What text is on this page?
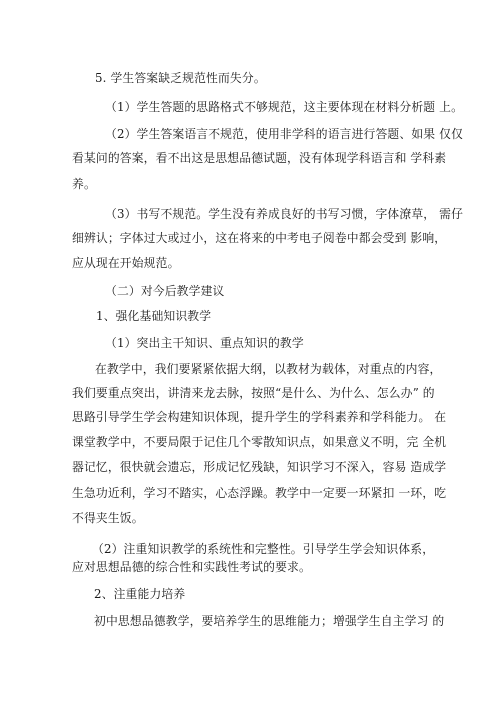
5. 学生答案缺乏规范性而失分。
（1）学生答题的思路格式不够规范，这主要体现在材料分析题 上。
（2）学生答案语言不规范，使用非学科的语言进行答题、如果 仅仅
看某问的答案，看不出这是思想品德试题，没有体现学科语言和 学科素
养。
（3）书写不规范。学生没有养成良好的书写习惯，字体潦草， 需仔
细辨认；字体过大或过小，这在将来的中考电子阅卷中都会受到 影响，
应从现在开始规范。
（二）对今后教学建议
1、强化基础知识教学
（1）突出主干知识、重点知识的教学
在教学中，我们要紧紧依据大纲，以教材为载体，对重点的内容，
我们要重点突出，讲清来龙去脉，按照“是什么、为什么、怎么办” 的
思路引导学生学会构建知识体现，提升学生的学科素养和学科能力。 在
课堂教学中，不要局限于记住几个零散知识点，如果意义不明，完 全机
器记忆，很快就会遗忘，形成记忆残缺，知识学习不深入，容易 造成学
生急功近利，学习不踏实，心态浮躁。教学中一定要一环紧扣 一环，吃
不得夹生饭。
（2）注重知识教学的系统性和完整性。引导学生学会知识体系，
应对思想品德的综合性和实践性考试的要求。
2、注重能力培养
初中思想品德教学，要培养学生的思维能力；增强学生自主学习 的
